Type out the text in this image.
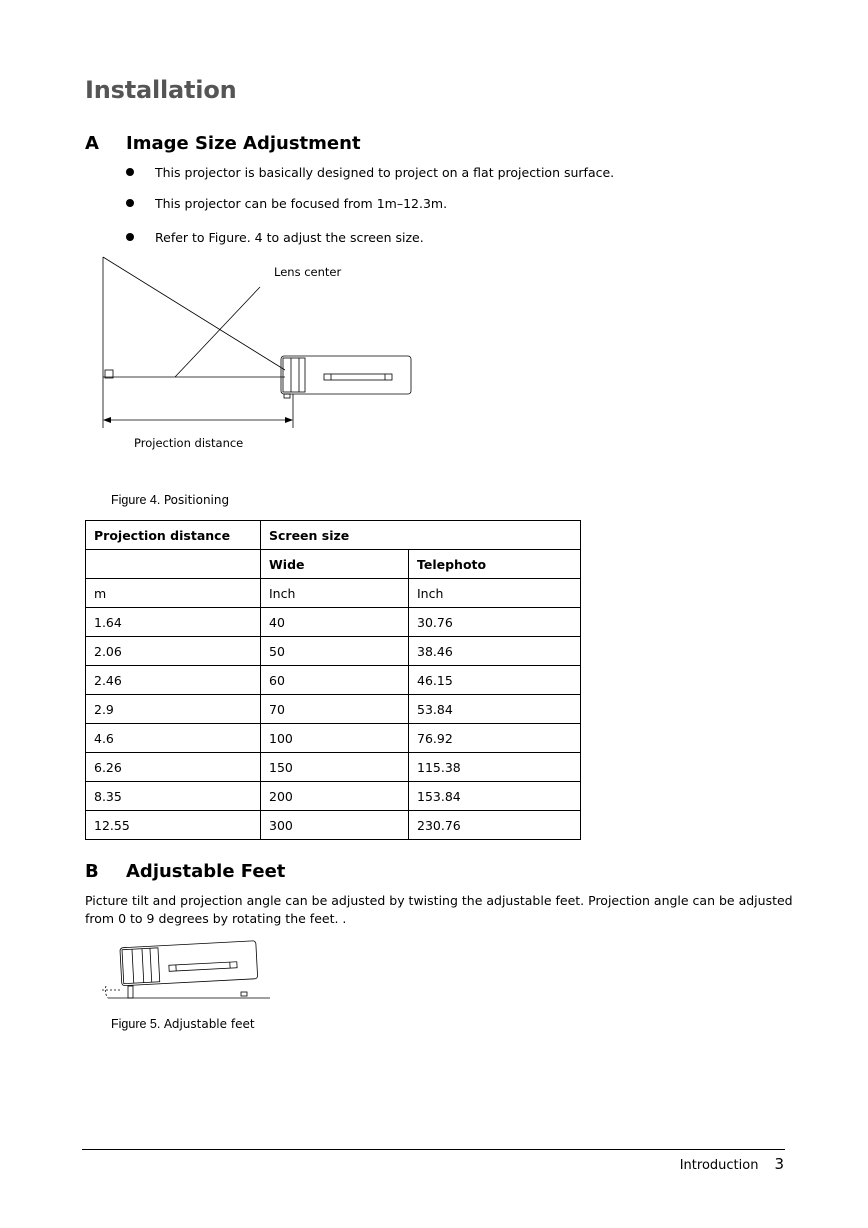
Installation
A Image Size Adjustment
This projector is basically designed to project on a flat projection surface.
This projector can be focused from 1m–12.3m.
Refer to Figure. 4 to adjust the screen size.
Lens center
Projection distance
Figure 4. Positioning
Projection distance	Screen size	
	Wide	Telephoto
m	Inch	Inch
1.64	40	30.76
2.06	50	38.46
2.46	60	46.15
2.9	70	53.84
4.6	100	76.92
6.26	150	115.38
8.35	200	153.84
12.55	300	230.76
B Adjustable Feet
Picture tilt and projection angle can be adjusted by twisting the adjustable feet. Projection angle can be adjusted from 0 to 9 degrees by rotating the feet. .
Figure 5. Adjustable feet
Introduction 3
